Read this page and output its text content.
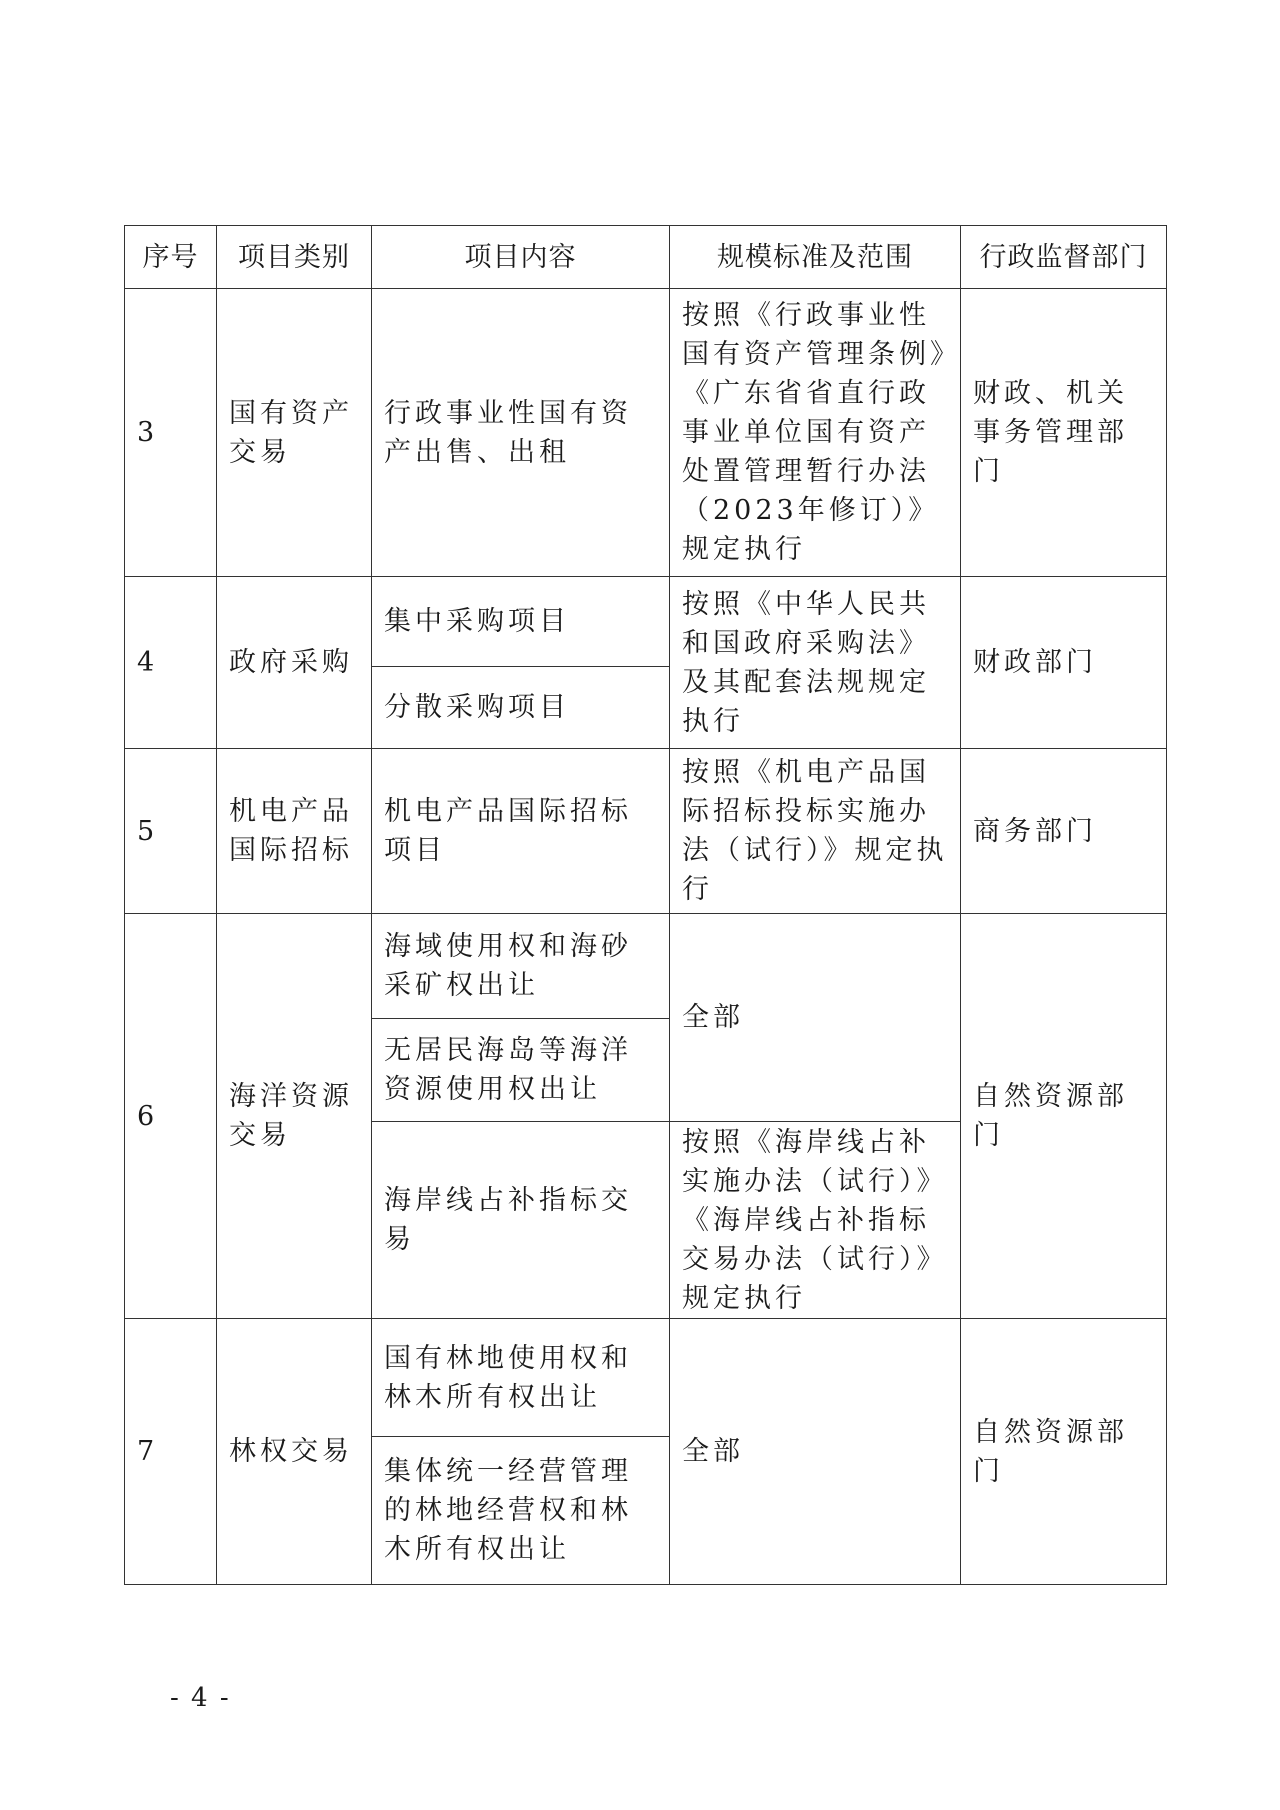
序号	项目类别	项目内容	规模标准及范围	行政监督部门
3	国有资产交易	行政事业性国有资产出售、出租	按照《行政事业性国有资产管理条例》《广东省省直行政事业单位国有资产处置管理暂行办法（2023年修订）》规定执行	财政、机关事务管理部门
4	政府采购	集中采购项目	按照《中华人民共和国政府采购法》及其配套法规规定执行	财政部门
		分散采购项目		
5	机电产品国际招标	机电产品国际招标项目	按照《机电产品国际招标投标实施办法（试行）》规定执行	商务部门
6	海洋资源交易	海域使用权和海砂采矿权出让	全部	自然资源部门
		无居民海岛等海洋资源使用权出让		
		海岸线占补指标交易	按照《海岸线占补实施办法（试行）》《海岸线占补指标交易办法（试行）》规定执行	
7	林权交易	国有林地使用权和林木所有权出让	全部	自然资源部门
		集体统一经营管理的林地经营权和林木所有权出让		
- 4 -
